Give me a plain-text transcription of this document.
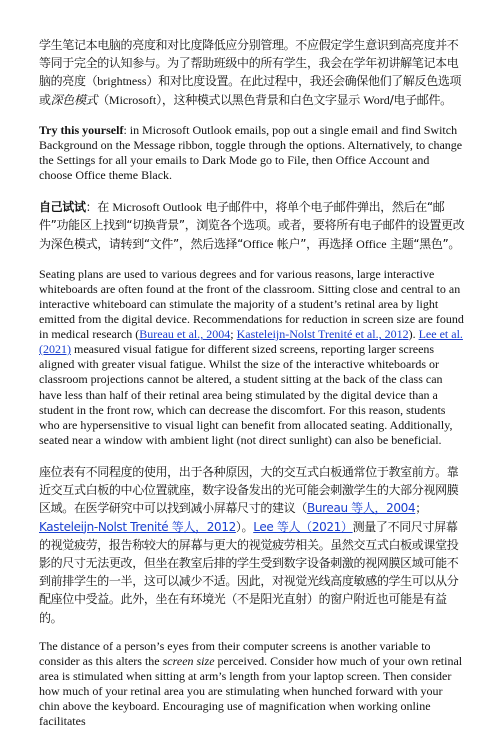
学生笔记本电脑的亮度和对比度降低应分别管理。不应假定学生意识到高亮度并不等同于完全的认知参与。为了帮助班级中的所有学生，我会在学年初讲解笔记本电脑的亮度（brightness）和对比度设置。在此过程中，我还会确保他们了解反色选项或深色模式（Microsoft），这种模式以黑色背景和白色文字显示 Word/电子邮件。

Try this yourself: in Microsoft Outlook emails, pop out a single email and find Switch Background on the Message ribbon, toggle through the options. Alternatively, to change the Settings for all your emails to Dark Mode go to File, then Office Account and choose Office theme Black.

自己试试：在 Microsoft Outlook 电子邮件中，将单个电子邮件弹出，然后在“邮件”功能区上找到“切换背景”，浏览各个选项。或者，要将所有电子邮件的设置更改为深色模式，请转到“文件”，然后选择“Office 帐户”，再选择 Office 主题“黑色”。

Seating plans are used to various degrees and for various reasons, large interactive whiteboards are often found at the front of the classroom. Sitting close and central to an interactive whiteboard can stimulate the majority of a student’s retinal area by light emitted from the digital device. Recommendations for reduction in screen size are found in medical research (Bureau et al., 2004; Kasteleijn-Nolst Trenité et al., 2012). Lee et al. (2021) measured visual fatigue for different sized screens, reporting larger screens aligned with greater visual fatigue. Whilst the size of the interactive whiteboards or classroom projections cannot be altered, a student sitting at the back of the class can have less than half of their retinal area being stimulated by the digital device than a student in the front row, which can decrease the discomfort. For this reason, students who are hypersensitive to visual light can benefit from allocated seating. Additionally, seated near a window with ambient light (not direct sunlight) can also be beneficial.

座位表有不同程度的使用，出于各种原因，大的交互式白板通常位于教室前方。靠近交互式白板的中心位置就座，数字设备发出的光可能会刺激学生的大部分视网膜区域。在医学研究中可以找到减小屏幕尺寸的建议（Bureau 等人，2004；Kasteleijn-Nolst Trenité 等人，2012）。Lee 等人（2021）测量了不同尺寸屏幕的视觉疲劳，报告称较大的屏幕与更大的视觉疲劳相关。虽然交互式白板或课堂投影的尺寸无法更改，但坐在教室后排的学生受到数字设备刺激的视网膜区域可能不到前排学生的一半，这可以减少不适。因此，对视觉光线高度敏感的学生可以从分配座位中受益。此外，坐在有环境光（不是阳光直射）的窗户附近也可能是有益的。

The distance of a person’s eyes from their computer screens is another variable to consider as this alters the screen size perceived. Consider how much of your own retinal area is stimulated when sitting at arm’s length from your laptop screen. Then consider how much of your retinal area you are stimulating when hunched forward with your chin above the keyboard. Encouraging use of magnification when working online facilitates
